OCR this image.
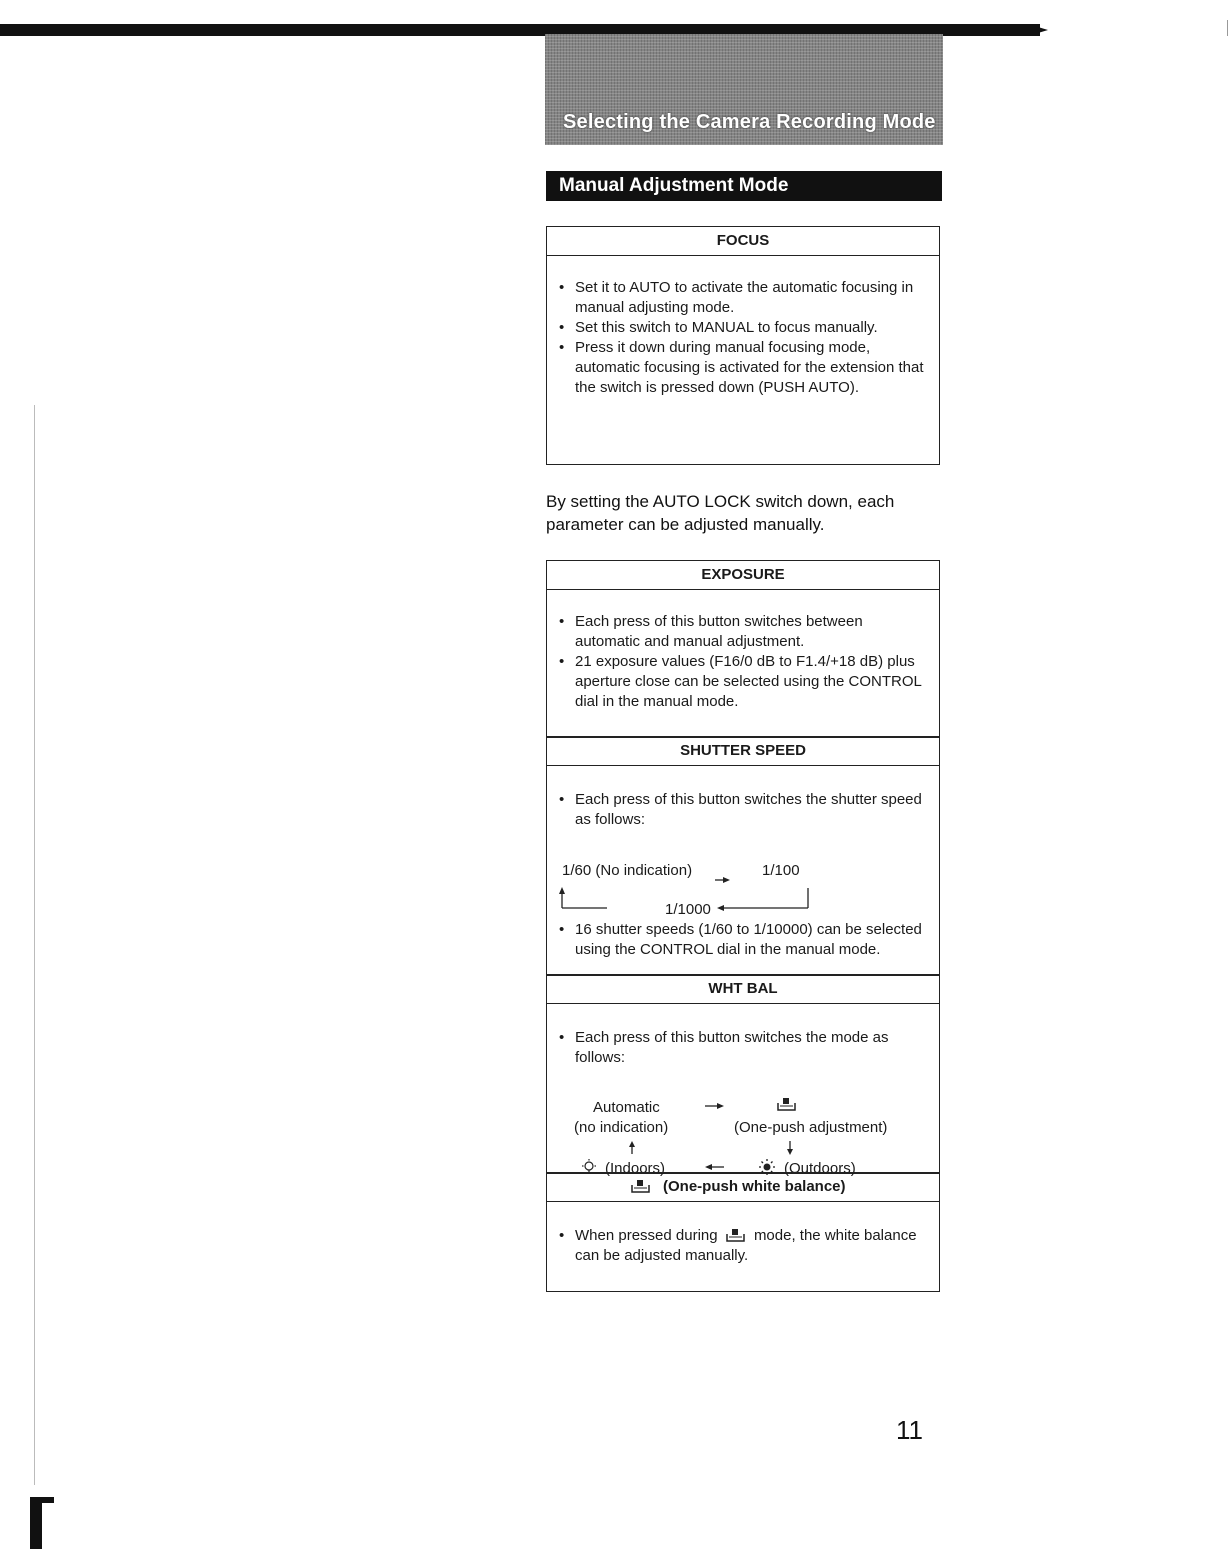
Selecting the Camera Recording Mode
Manual Adjustment Mode
FOCUS
• Set it to AUTO to activate the automatic focusing in manual adjusting mode.
• Set this switch to MANUAL to focus manually.
• Press it down during manual focusing mode, automatic focusing is activated for the extension that the switch is pressed down (PUSH AUTO).
By setting the AUTO LOCK switch down, each parameter can be adjusted manually.
EXPOSURE
• Each press of this button switches between automatic and manual adjustment.
• 21 exposure values (F16/0 dB to F1.4/+18 dB) plus aperture close can be selected using the CONTROL dial in the manual mode.
SHUTTER SPEED
• Each press of this button switches the shutter speed as follows:
1/60 (No indication)	1/100
1/1000
• 16 shutter speeds (1/60 to 1/10000) can be selected using the CONTROL dial in the manual mode.
WHT BAL
• Each press of this button switches the mode as follows:
Automatic
(no indication)	(One-push adjustment)
(Indoors)	(Outdoors)
(One-push white balance)
• When pressed during mode, the white balance can be adjusted manually.
11
